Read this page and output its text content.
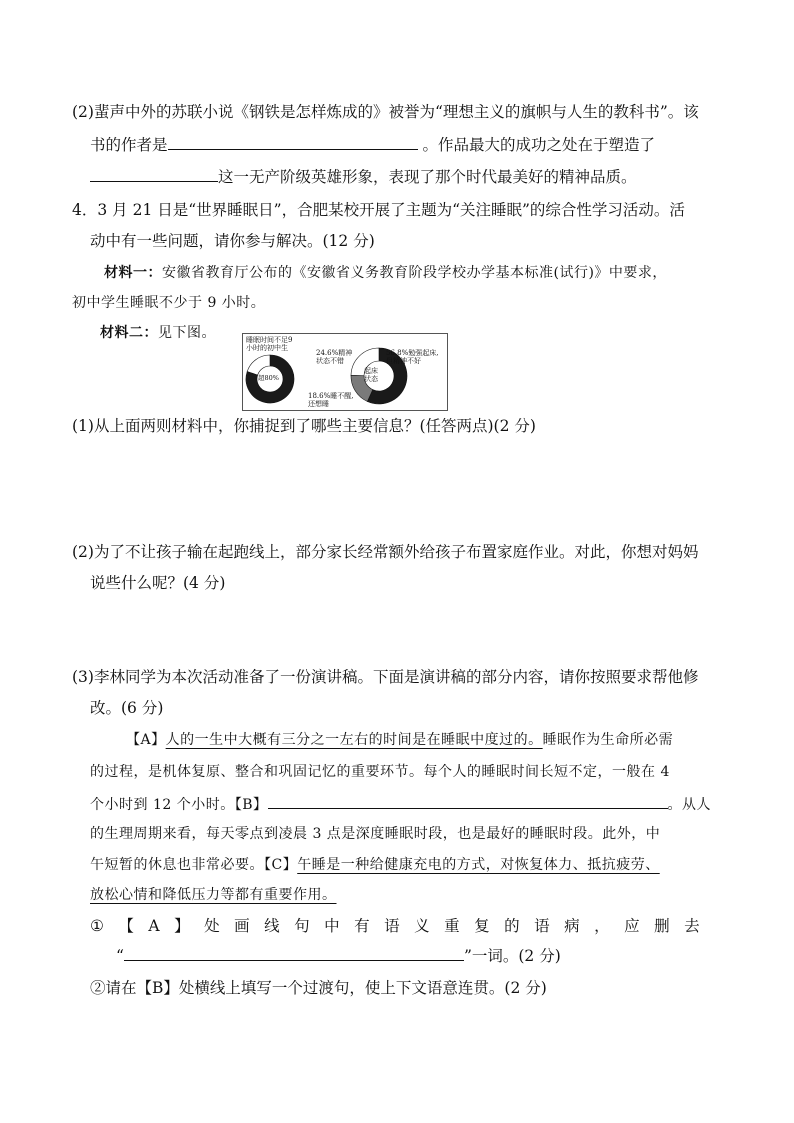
(2)蜚声中外的苏联小说《钢铁是怎样炼成的》被誉为“理想主义的旗帜与人生的教科书”。该
书的作者是	。作品最大的成功之处在于塑造了
这一无产阶级英雄形象，表现了那个时代最美好的精神品质。
4．3 月 21 日是“世界睡眠日”，合肥某校开展了主题为“关注睡眠”的综合性学习活动。活
动中有一些问题，请你参与解决。(12 分)
材料一：安徽省教育厅公布的《安徽省义务教育阶段学校办学基本标准(试行)》中要求，
初中学生睡眠不少于 9 小时。
材料二：见下图。	睡眠时间不足9
小时的初中生
超80%
24.6%精神
状态不错
56.8%勉强起床,
但精神不好
起床
状态
18.6%睡不醒,
还想睡
(1)从上面两则材料中，你捕捉到了哪些主要信息？(任答两点)(2 分)
(2)为了不让孩子输在起跑线上，部分家长经常额外给孩子布置家庭作业。对此，你想对妈妈
说些什么呢？(4 分)
(3)李林同学为本次活动准备了一份演讲稿。下面是演讲稿的部分内容，请你按照要求帮他修
改。(6 分)
【A】人的一生中大概有三分之一左右的时间是在睡眠中度过的。睡眠作为生命所必需
的过程，是机体复原、整合和巩固记忆的重要环节。每个人的睡眠时间长短不定，一般在 4
个小时到 12 个小时。【B】	。从人
的生理周期来看，每天零点到凌晨 3 点是深度睡眠时段，也是最好的睡眠时段。此外，中
午短暂的休息也非常必要。【C】午睡是一种给健康充电的方式，对恢复体力、抵抗疲劳、
放松心情和降低压力等都有重要作用。
①【A】处画线句中有语义重复的语病，应删去
“	”一词。(2 分)
②请在【B】处横线上填写一个过渡句，使上下文语意连贯。(2 分)
